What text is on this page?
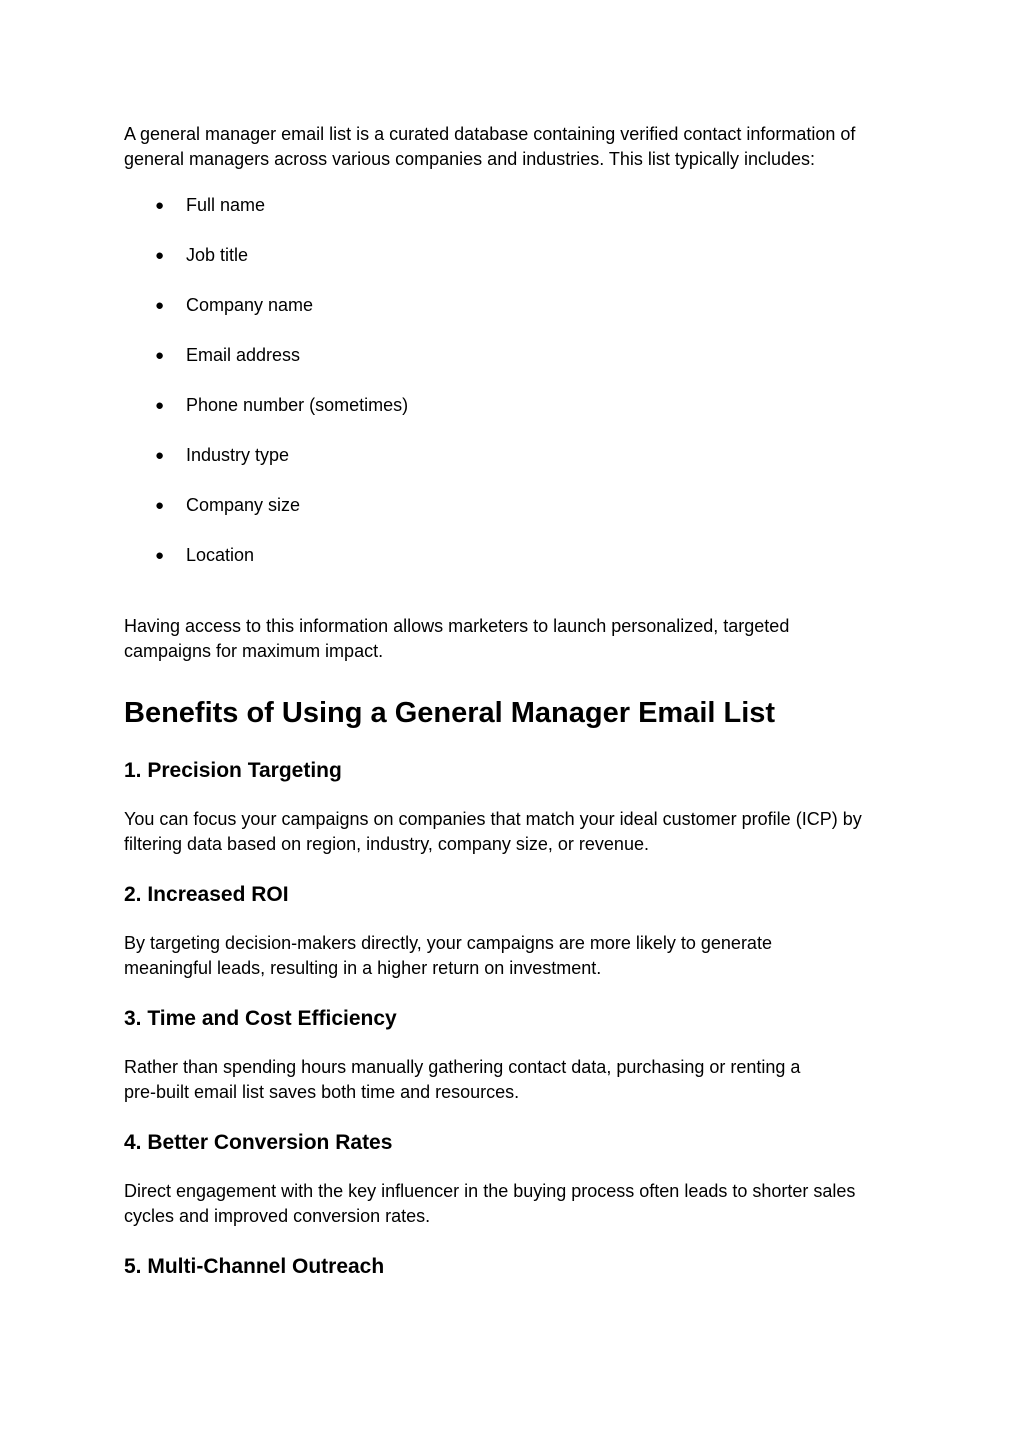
A general manager email list is a curated database containing verified contact information of
general managers across various companies and industries. This list typically includes:
● Full name
● Job title
● Company name
● Email address
● Phone number (sometimes)
● Industry type
● Company size
● Location
Having access to this information allows marketers to launch personalized, targeted
campaigns for maximum impact.
Benefits of Using a General Manager Email List
1. Precision Targeting
You can focus your campaigns on companies that match your ideal customer profile (ICP) by
filtering data based on region, industry, company size, or revenue.
2. Increased ROI
By targeting decision-makers directly, your campaigns are more likely to generate
meaningful leads, resulting in a higher return on investment.
3. Time and Cost Efficiency
Rather than spending hours manually gathering contact data, purchasing or renting a
pre-built email list saves both time and resources.
4. Better Conversion Rates
Direct engagement with the key influencer in the buying process often leads to shorter sales
cycles and improved conversion rates.
5. Multi-Channel Outreach
